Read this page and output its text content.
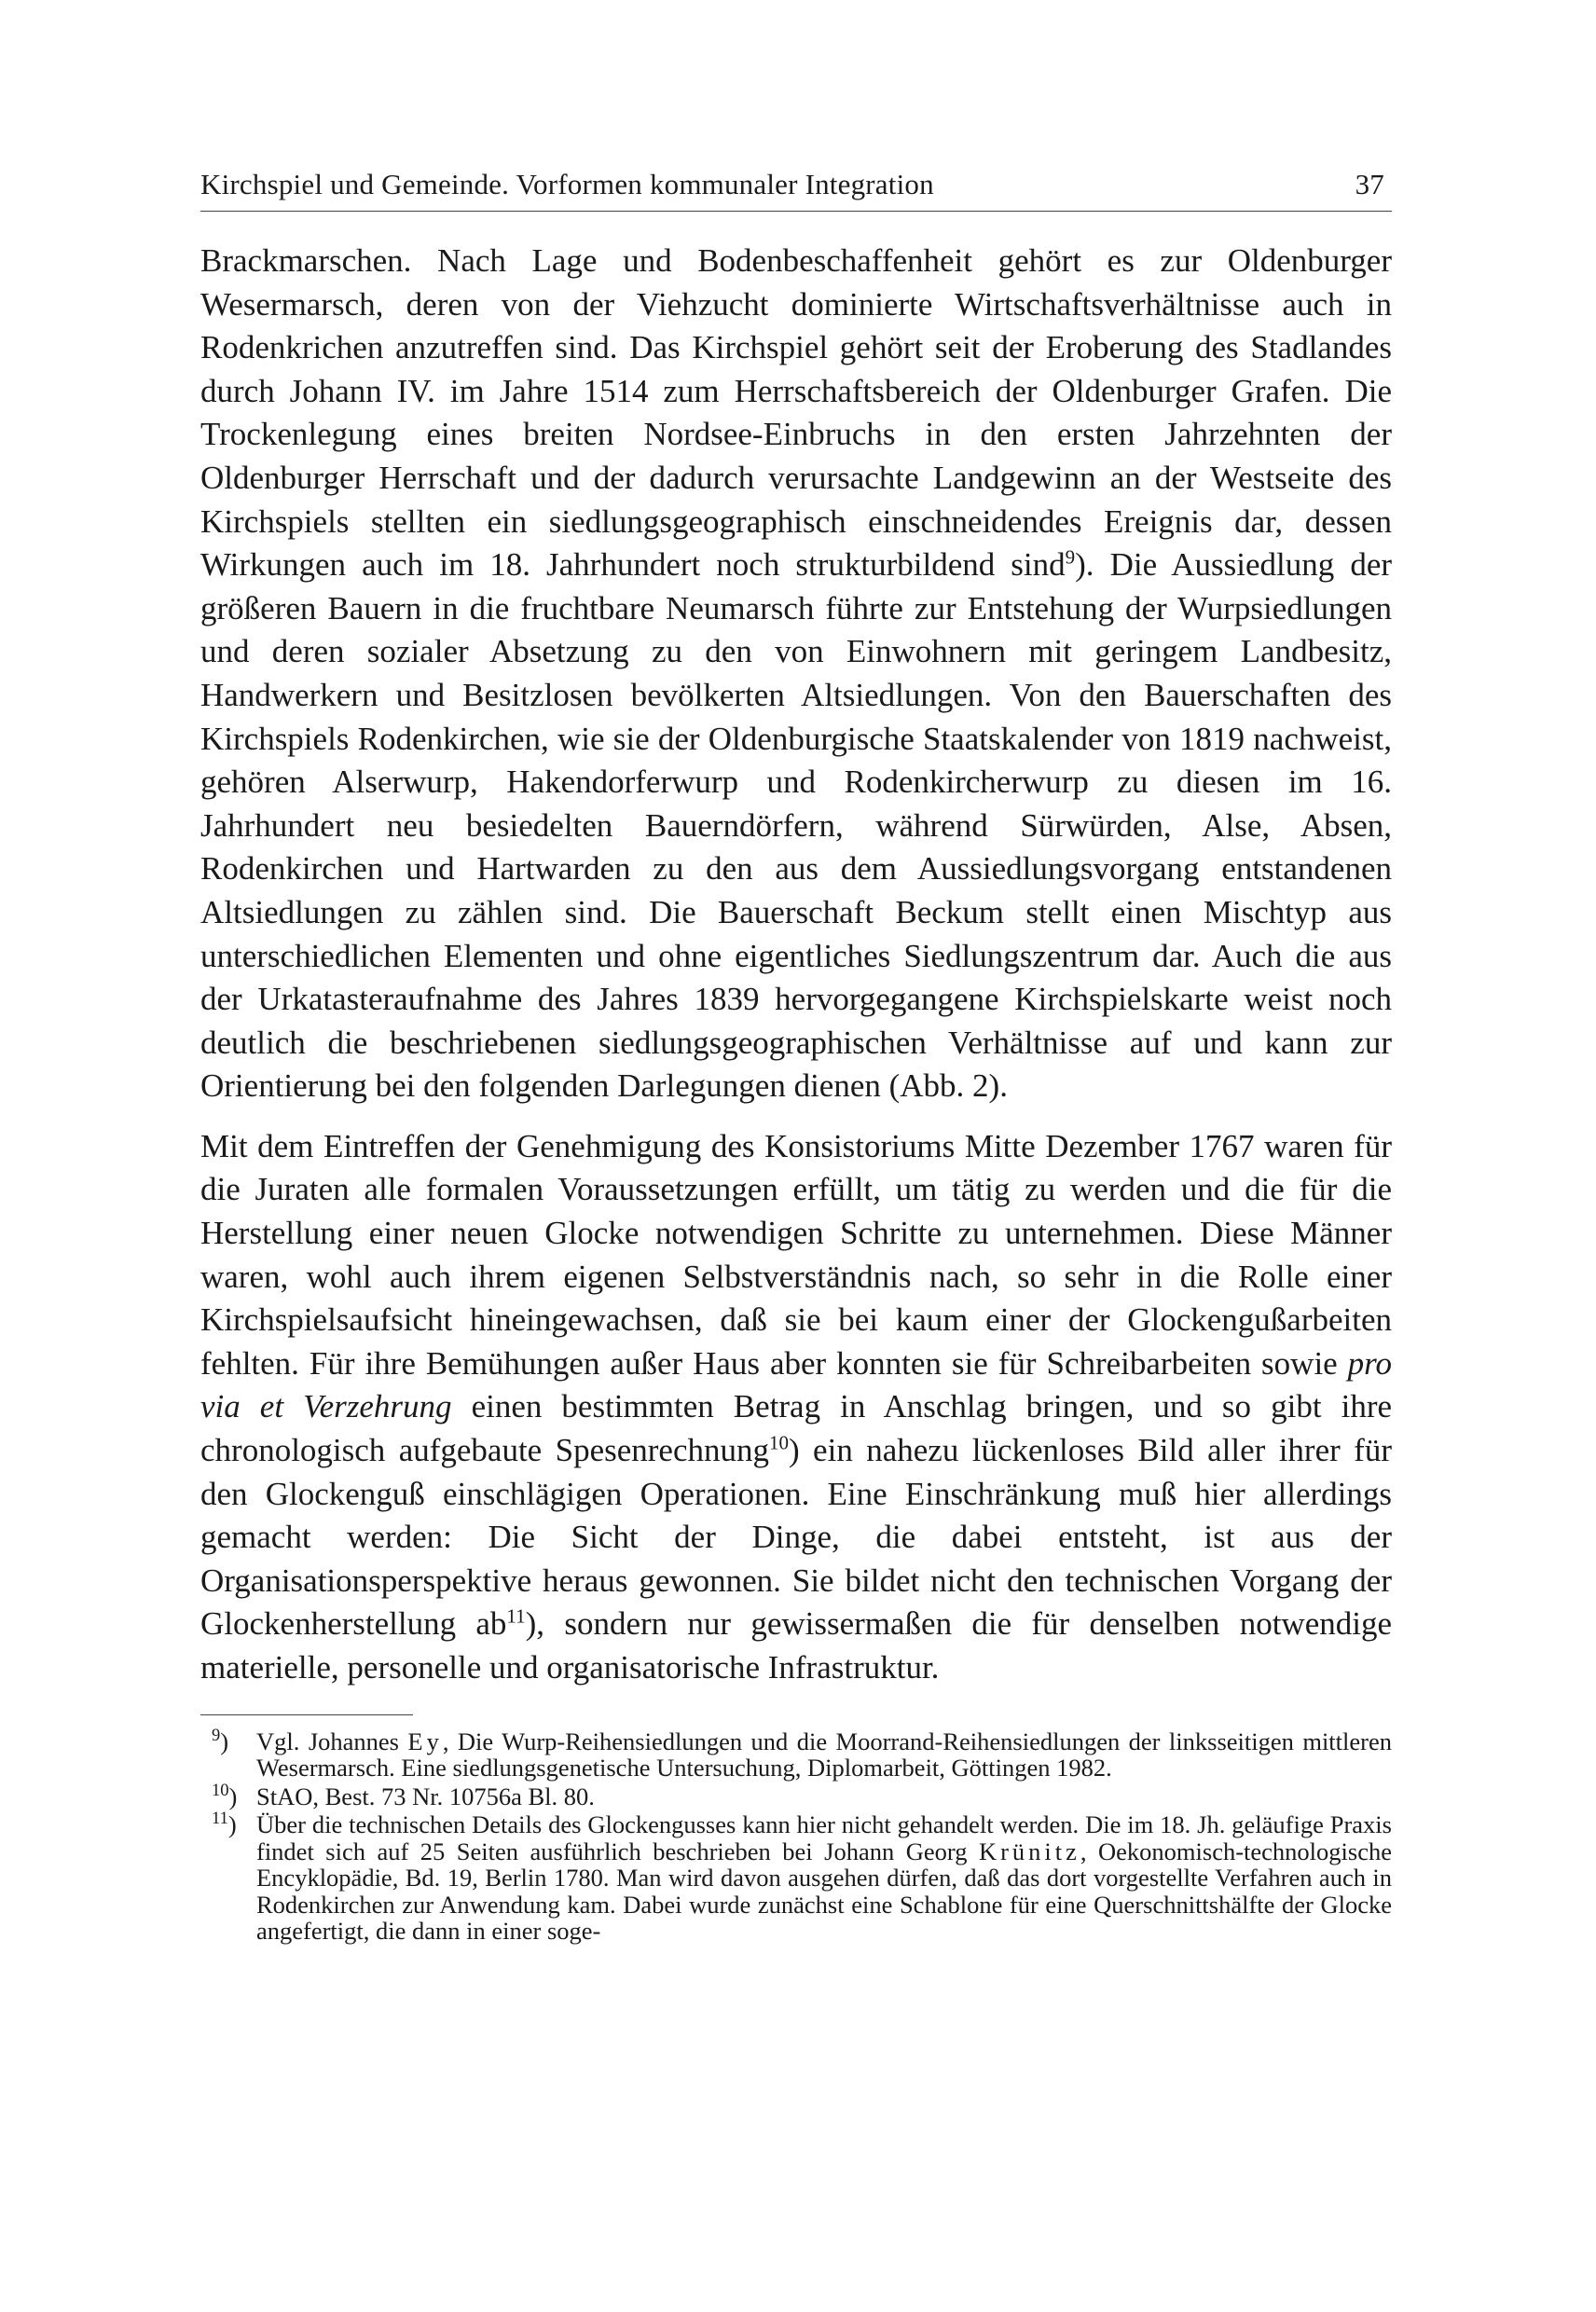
Kirchspiel und Gemeinde. Vorformen kommunaler Integration	37

Brackmarschen. Nach Lage und Bodenbeschaffenheit gehört es zur Oldenburger Wesermarsch, deren von der Viehzucht dominierte Wirtschaftsverhältnisse auch in Rodenkrichen anzutreffen sind. Das Kirchspiel gehört seit der Eroberung des Stadlandes durch Johann IV. im Jahre 1514 zum Herrschaftsbereich der Oldenburger Grafen. Die Trockenlegung eines breiten Nordsee-Einbruchs in den ersten Jahrzehnten der Oldenburger Herrschaft und der dadurch verursachte Landgewinn an der Westseite des Kirchspiels stellten ein siedlungsgeographisch einschneidendes Ereignis dar, dessen Wirkungen auch im 18. Jahrhundert noch strukturbildend sind$^9$). Die Aussiedlung der größeren Bauern in die fruchtbare Neumarsch führte zur Entstehung der Wurpsiedlungen und deren sozialer Absetzung zu den von Einwohnern mit geringem Landbesitz, Handwerkern und Besitzlosen bevölkerten Altsiedlungen. Von den Bauerschaften des Kirchspiels Rodenkirchen, wie sie der Oldenburgische Staatskalender von 1819 nachweist, gehören Alserwurp, Hakendorferwurp und Rodenkircherwurp zu diesen im 16. Jahrhundert neu besiedelten Bauerndörfern, während Sürwürden, Alse, Absen, Rodenkirchen und Hartwarden zu den aus dem Aussiedlungsvorgang entstandenen Altsiedlungen zu zählen sind. Die Bauerschaft Beckum stellt einen Mischtyp aus unterschiedlichen Elementen und ohne eigentliches Siedlungszentrum dar. Auch die aus der Urkatasteraufnahme des Jahres 1839 hervorgegangene Kirchspielskarte weist noch deutlich die beschriebenen siedlungsgeographischen Verhältnisse auf und kann zur Orientierung bei den folgenden Darlegungen dienen (Abb. 2).

Mit dem Eintreffen der Genehmigung des Konsistoriums Mitte Dezember 1767 waren für die Juraten alle formalen Voraussetzungen erfüllt, um tätig zu werden und die für die Herstellung einer neuen Glocke notwendigen Schritte zu unternehmen. Diese Männer waren, wohl auch ihrem eigenen Selbstverständnis nach, so sehr in die Rolle einer Kirchspielsaufsicht hineingewachsen, daß sie bei kaum einer der Glockengußarbeiten fehlten. Für ihre Bemühungen außer Haus aber konnten sie für Schreibarbeiten sowie pro via et Verzehrung einen bestimmten Betrag in Anschlag bringen, und so gibt ihre chronologisch aufgebaute Spesenrechnung$^{10}$) ein nahezu lückenloses Bild aller ihrer für den Glockenguß einschlägigen Operationen. Eine Einschränkung muß hier allerdings gemacht werden: Die Sicht der Dinge, die dabei entsteht, ist aus der Organisationsperspektive heraus gewonnen. Sie bildet nicht den technischen Vorgang der Glockenherstellung $ab^{11}$), sondern nur gewissermaßen die für denselben notwendige materielle, personelle und organisatorische Infrastruktur.

$^9$)	Vgl. Johannes Ey, Die Wurp-Reihensiedlungen und die Moorrand-Reihensiedlungen der linksseitigen mittleren Wesermarsch. Eine siedlungsgenetische Untersuchung, Diplomarbeit, Göttingen 1982.
$^{10}$) StAO, Best. 73 Nr. 10756a Bl. 80.
$^{11}$) Über die technischen Details des Glockengusses kann hier nicht gehandelt werden. Die im 18. Jh. geläufige Praxis findet sich auf 25 Seiten ausführlich beschrieben bei Johann Georg Krünitz, Oekonomisch-technologische Encyklopädie, Bd. 19, Berlin 1780. Man wird davon ausgehen dürfen, daß das dort vorgestellte Verfahren auch in Rodenkirchen zur Anwendung kam. Dabei wurde zunächst eine Schablone für eine Querschnittshälfte der Glocke angefertigt, die dann in einer soge-
